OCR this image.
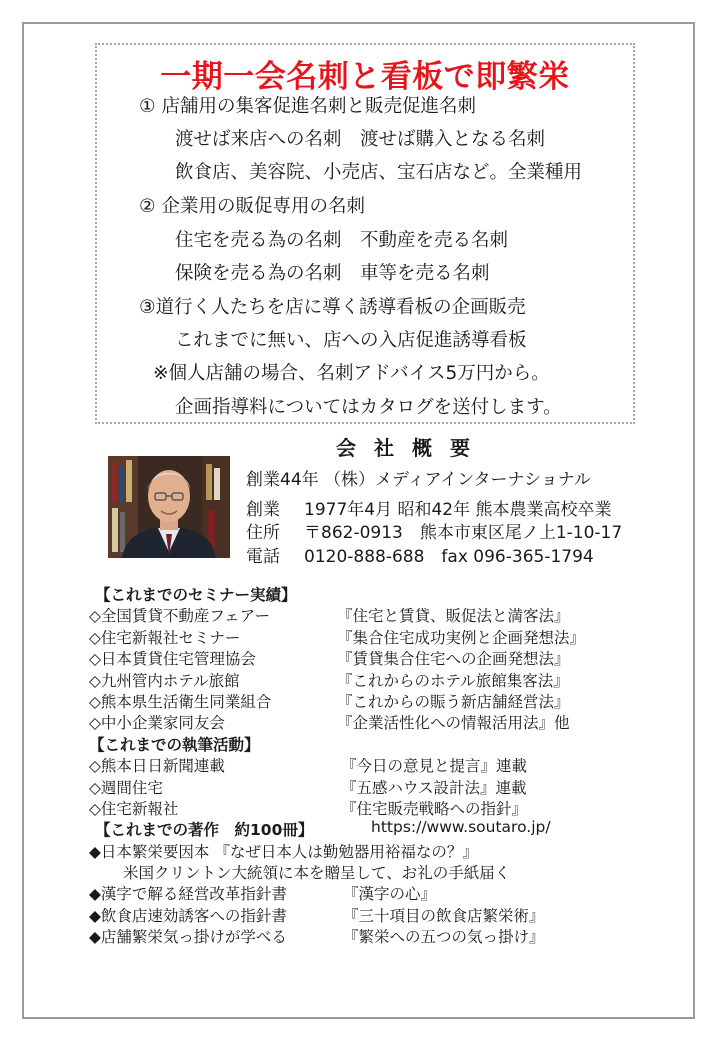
一期一会名刺と看板で即繁栄

① 店舗用の集客促進名刺と販売促進名刺

渡せば来店への名刺　渡せば購入となる名刺

飲食店、美容院、小売店、宝石店など。全業種用

② 企業用の販促専用の名刺

住宅を売る為の名刺　不動産を売る名刺

保険を売る為の名刺　車等を売る名刺

③道行く人たちを店に導く誘導看板の企画販売

これまでに無い、店への入店促進誘導看板

※個人店舗の場合、名刺アドバイス5万円から。

企画指導料についてはカタログを送付します。

会社概要

創業44年 （株）メディアインターナショナル

創業 1977年4月 昭和42年 熊本農業高校卒業

住所 〒862-0913　熊本市東区尾ノ上1-10-17

電話 0120-888-688　fax 096-365-1794

【これまでのセミナー実績】
◇全国賃貸不動産フェアー	『住宅と賃貸、販促法と満客法』
◇住宅新報社セミナー	『集合住宅成功実例と企画発想法』
◇日本賃貸住宅管理協会	『賃貸集合住宅への企画発想法』
◇九州管内ホテル旅館	『これからのホテル旅館集客法』
◇熊本県生活衛生同業組合	『これからの賑う新店舗経営法』
◇中小企業家同友会	『企業活性化への情報活用法』他
【これまでの執筆活動】
◇熊本日日新聞連載	『今日の意見と提言』連載
◇週間住宅	『五感ハウス設計法』連載
◇住宅新報社	『住宅販売戦略への指針』
【これまでの著作　約100冊】	https://www.soutaro.jp/
◆日本繁栄要因本 『なぜ日本人は勤勉器用裕福なの？』
米国クリントン大統領に本を贈呈して、お礼の手紙届く
◆漢字で解る経営改革指針書	『漢字の心』
◆飲食店速効誘客への指針書	『三十項目の飲食店繁栄術』
◆店舗繁栄気っ掛けが学べる	『繁栄への五つの気っ掛け』
